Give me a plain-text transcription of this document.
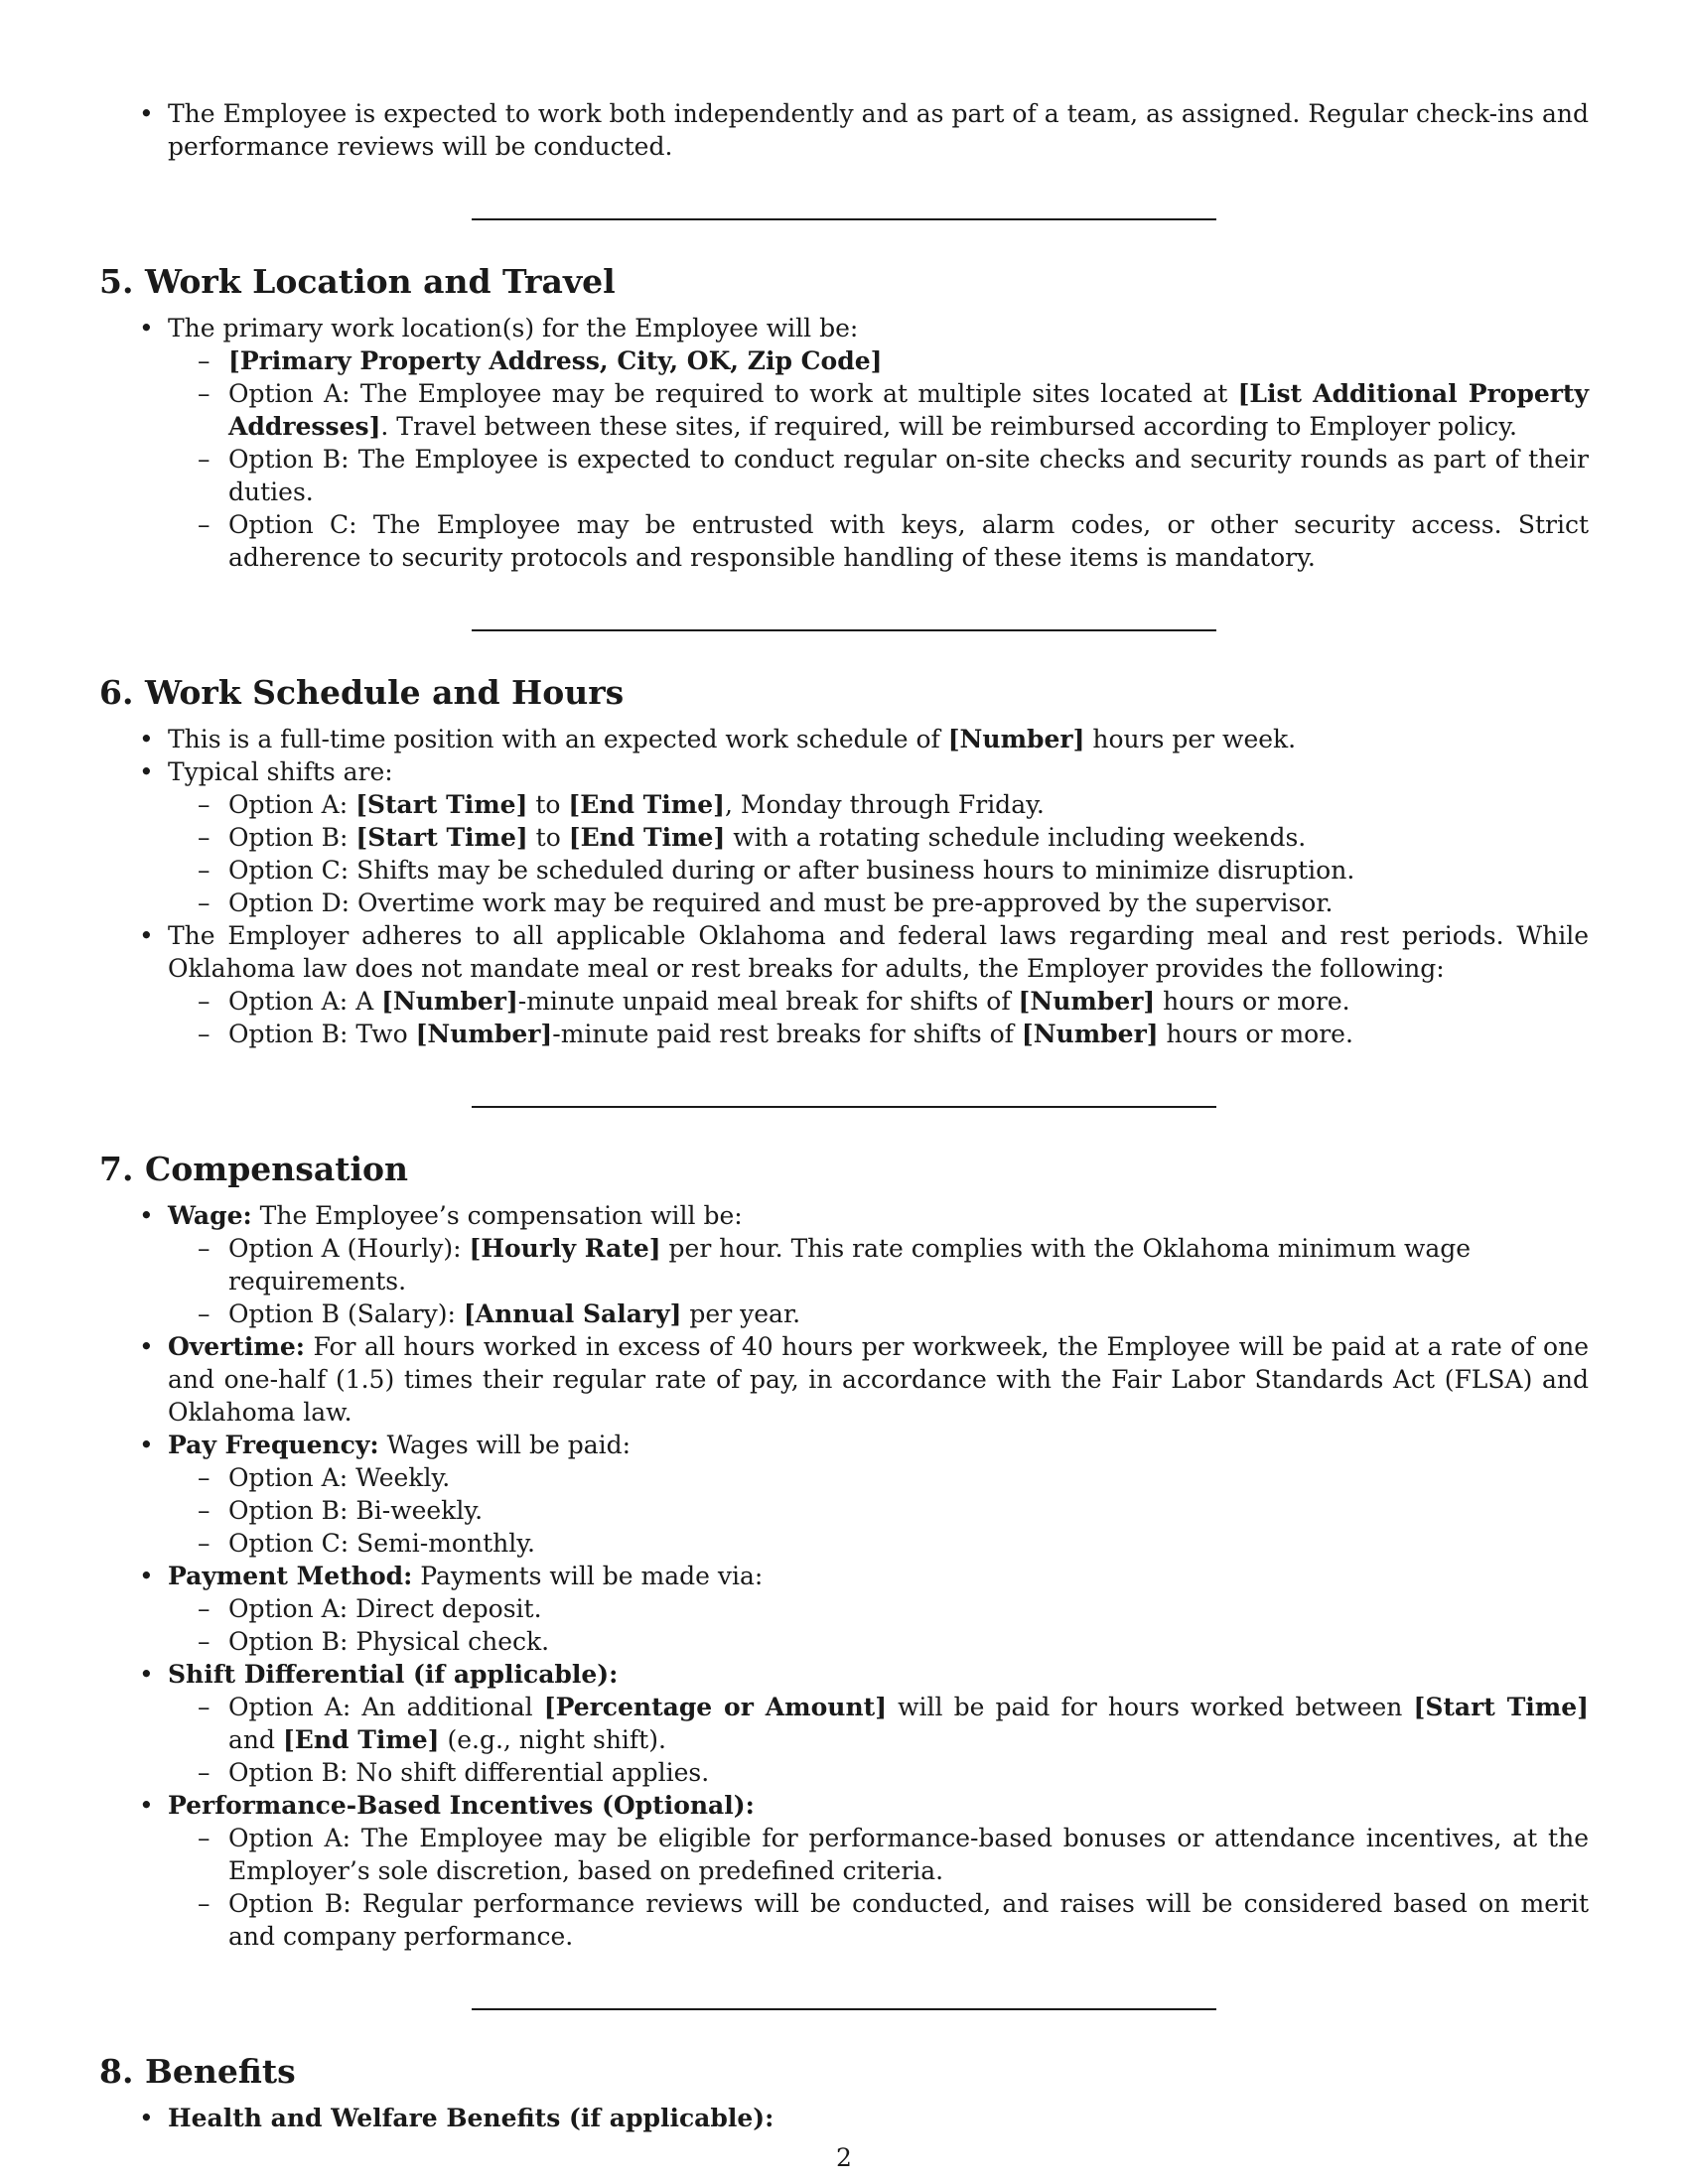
• The Employee is expected to work both independently and as part of a team, as assigned. Regular check-ins and performance reviews will be conducted.
5. Work Location and Travel
• The primary work location(s) for the Employee will be:
– [Primary Property Address, City, OK, Zip Code]
– Option A: The Employee may be required to work at multiple sites located at [List Additional Property Addresses]. Travel between these sites, if required, will be reimbursed according to Employer policy.
– Option B: The Employee is expected to conduct regular on-site checks and security rounds as part of their duties.
– Option C: The Employee may be entrusted with keys, alarm codes, or other security access. Strict adherence to security protocols and responsible handling of these items is mandatory.
6. Work Schedule and Hours
• This is a full-time position with an expected work schedule of [Number] hours per week.
• Typical shifts are:
– Option A: [Start Time] to [End Time], Monday through Friday.
– Option B: [Start Time] to [End Time] with a rotating schedule including weekends.
– Option C: Shifts may be scheduled during or after business hours to minimize disruption.
– Option D: Overtime work may be required and must be pre-approved by the supervisor.
• The Employer adheres to all applicable Oklahoma and federal laws regarding meal and rest periods. While Oklahoma law does not mandate meal or rest breaks for adults, the Employer provides the following:
– Option A: A [Number]-minute unpaid meal break for shifts of [Number] hours or more.
– Option B: Two [Number]-minute paid rest breaks for shifts of [Number] hours or more.
7. Compensation
• Wage: The Employee’s compensation will be:
– Option A (Hourly): [Hourly Rate] per hour. This rate complies with the Oklahoma minimum wage requirements.
– Option B (Salary): [Annual Salary] per year.
• Overtime: For all hours worked in excess of 40 hours per workweek, the Employee will be paid at a rate of one and one-half (1.5) times their regular rate of pay, in accordance with the Fair Labor Standards Act (FLSA) and Oklahoma law.
• Pay Frequency: Wages will be paid:
– Option A: Weekly.
– Option B: Bi-weekly.
– Option C: Semi-monthly.
• Payment Method: Payments will be made via:
– Option A: Direct deposit.
– Option B: Physical check.
• Shift Differential (if applicable):
– Option A: An additional [Percentage or Amount] will be paid for hours worked between [Start Time] and [End Time] (e.g., night shift).
– Option B: No shift differential applies.
• Performance-Based Incentives (Optional):
– Option A: The Employee may be eligible for performance-based bonuses or attendance incentives, at the Employer’s sole discretion, based on predefined criteria.
– Option B: Regular performance reviews will be conducted, and raises will be considered based on merit and company performance.
8. Benefits
• Health and Welfare Benefits (if applicable):
2
